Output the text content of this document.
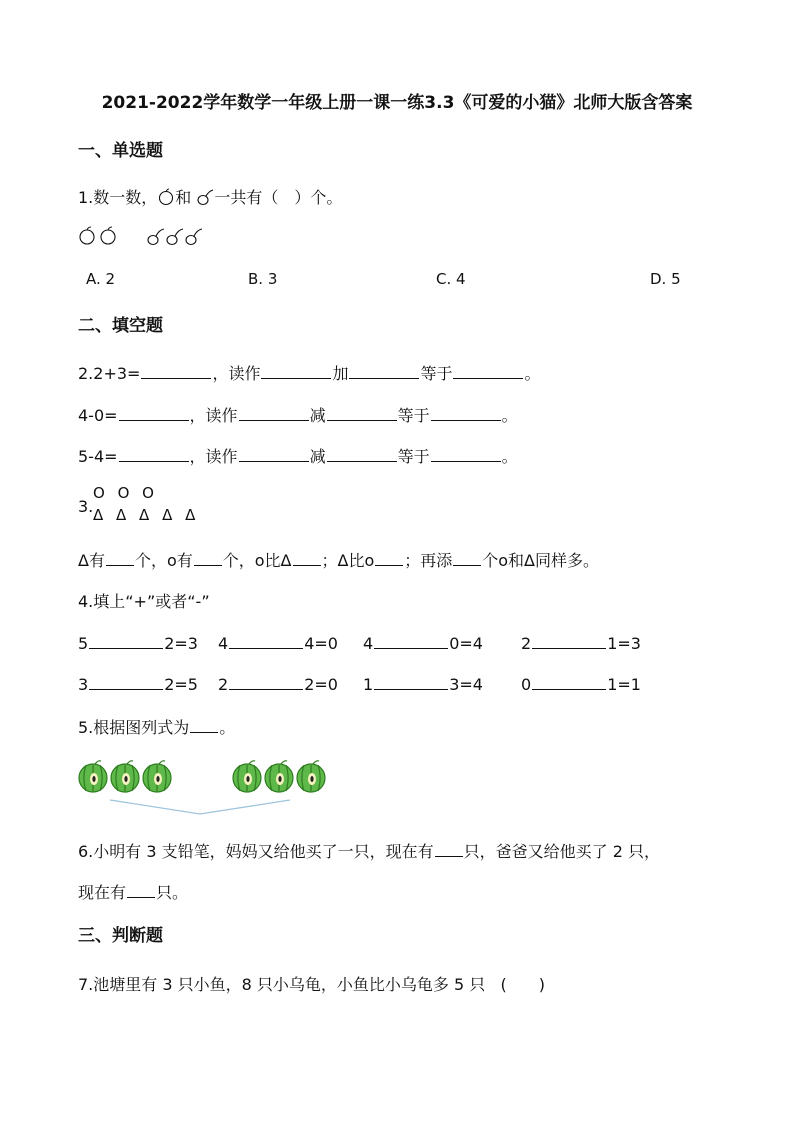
2021-2022学年数学一年级上册一课一练3.3《可爱的小猫》北师大版含答案
一、单选题
1.数一数， 和 一共有（　）个。
A. 2	B. 3	C. 4	D. 5
二、填空题
2.2+3=	，读作	加	等于	。
4-0=	，读作	减	等于	。
5-4=	，读作	减	等于	。
O O O
3. Δ Δ Δ Δ Δ
Δ有 个，o有 个，o比Δ ；Δ比o ；再添 个o和Δ同样多。
4.填上“+”或者“-”
5	2=3 4	4=0 4	0=4 2	1=3
3	2=5 2	2=0 1	3=4 0	1=1
5.根据图列式为 。
6.小明有 3 支铅笔，妈妈又给他买了一只，现在有 只，爸爸又给他买了 2 只，
现在有 只。
三、判断题
7.池塘里有 3 只小鱼，8 只小乌龟，小鱼比小乌龟多 5 只 (　　)
